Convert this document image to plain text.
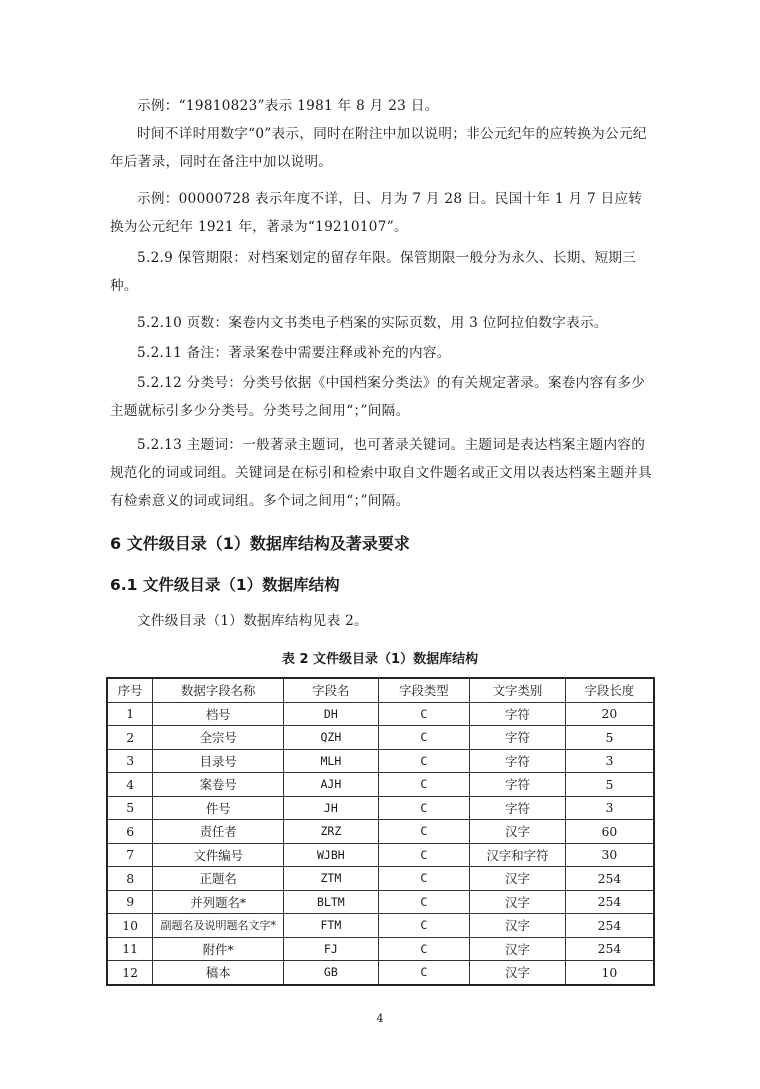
示例：“19810823”表示 1981 年 8 月 23 日。

时间不详时用数字“0”表示，同时在附注中加以说明；非公元纪年的应转换为公元纪年后著录，同时在备注中加以说明。

示例：00000728 表示年度不详，日、月为 7 月 28 日。民国十年 1 月 7 日应转换为公元纪年 1921 年，著录为“19210107”。

5.2.9 保管期限：对档案划定的留存年限。保管期限一般分为永久、长期、短期三种。

5.2.10 页数：案卷内文书类电子档案的实际页数，用 3 位阿拉伯数字表示。

5.2.11 备注：著录案卷中需要注释或补充的内容。

5.2.12 分类号：分类号依据《中国档案分类法》的有关规定著录。案卷内容有多少主题就标引多少分类号。分类号之间用“；”间隔。

5.2.13 主题词：一般著录主题词，也可著录关键词。主题词是表达档案主题内容的规范化的词或词组。关键词是在标引和检索中取自文件题名或正文用以表达档案主题并具有检索意义的词或词组。多个词之间用“；”间隔。

6 文件级目录（1）数据库结构及著录要求
6.1 文件级目录（1）数据库结构

文件级目录（1）数据库结构见表 2。

表 2 文件级目录（1）数据库结构

序号	数据字段名称	字段名	字段类型	文字类别	字段长度
1	档号	DH	C	字符	20
2	全宗号	QZH	C	字符	5
3	目录号	MLH	C	字符	3
4	案卷号	AJH	C	字符	5
5	件号	JH	C	字符	3
6	责任者	ZRZ	C	汉字	60
7	文件编号	WJBH	C	汉字和字符	30
8	正题名	ZTM	C	汉字	254
9	并列题名*	BLTM	C	汉字	254
10	副题名及说明题名文字*	FTM	C	汉字	254
11	附件*	FJ	C	汉字	254
12	稿本	GB	C	汉字	10
4
